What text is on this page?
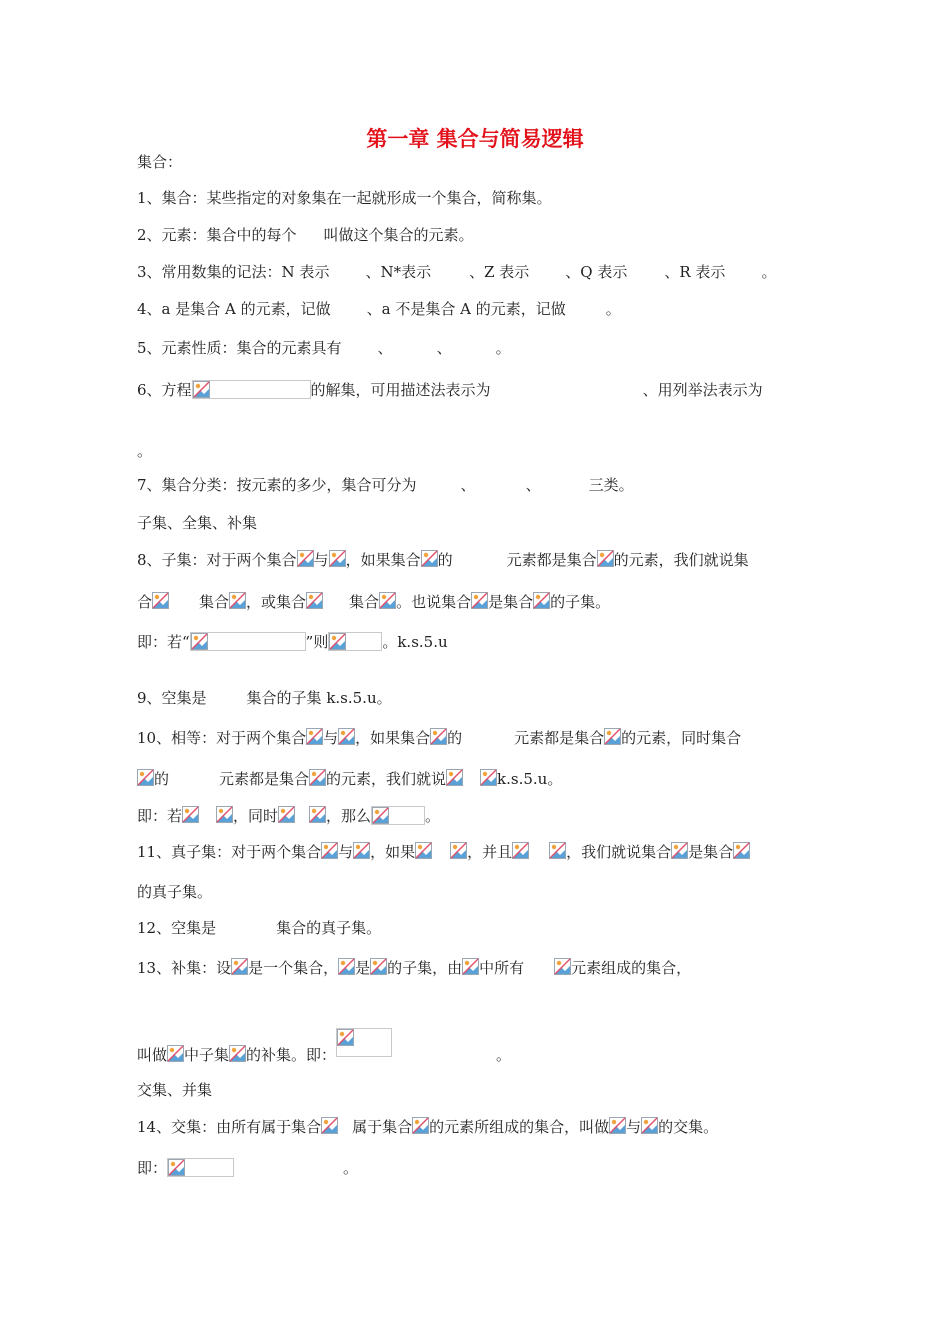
第一章 集合与简易逻辑
集合：
1、集合：某些指定的对象集在一起就形成一个集合，简称集。
2、元素：集合中的每个 叫做这个集合的元素。
3、常用数集的记法：N 表示 、N*表示	、Z 表示 、Q 表示 、R 表示 。
4、a 是集合 A 的元素，记做 、a 不是集合 A 的元素，记做	。
5、元素性质：集合的元素具有 、	、	。
6、方程	的解集，可用描述法表示为	、用列举法表示为
。
7、集合分类：按元素的多少，集合可分为	、	、	三类。
子集、全集、补集
8、子集：对于两个集合 与 ，如果集合 的	元素都是集合 的元素，我们就说集
合	集合 ，或集合	集合 。也说集合 是集合 的子集。
即：若“	”则	。k.s.5.u
9、空集是	集合的子集 k.s.5.u。
10、相等：对于两个集合 与 ，如果集合 的	元素都是集合 的元素，同时集合
的	元素都是集合 的元素，我们就说	k.s.5.u。
即：若	，同时	，那么	。
11、真子集：对于两个集合 与 ，如果	，并且	，我们就说集合 是集合
的真子集。
12、空集是	集合的真子集。
13、补集：设 是一个集合， 是 的子集，由 中所有	元素组成的集合，
叫做 中子集 的补集。即：	。
交集、并集
14、交集：由所有属于集合 属于集合 的元素所组成的集合，叫做 与 的交集。
即：	。
